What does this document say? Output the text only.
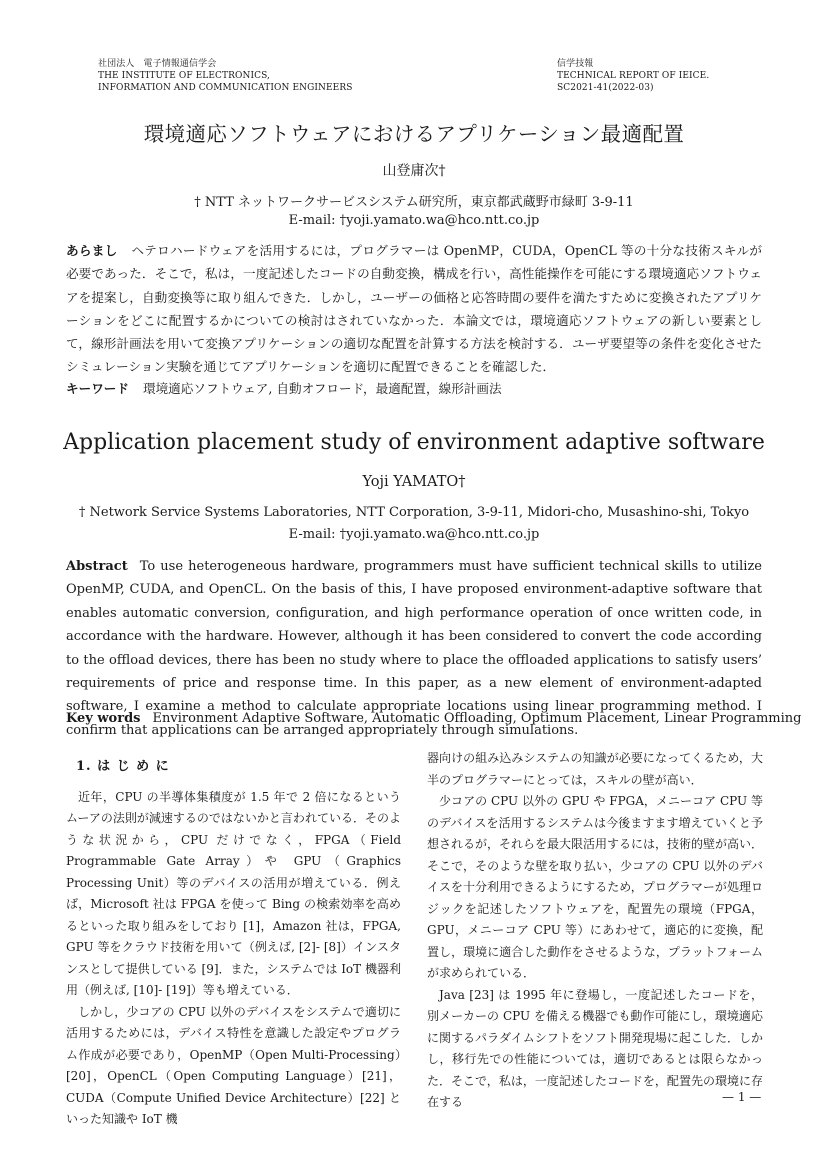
社団法人　電子情報通信学会
THE INSTITUTE OF ELECTRONICS,
INFORMATION AND COMMUNICATION ENGINEERS
信学技報
TECHNICAL REPORT OF IEICE.
SC2021-41(2022-03)
環境適応ソフトウェアにおけるアプリケーション最適配置
山登庸次†
† NTT ネットワークサービスシステム研究所，東京都武蔵野市緑町 3-9-11
E-mail: †yoji.yamato.wa@hco.ntt.co.jp
あらまし ヘテロハードウェアを活用するには，プログラマーは OpenMP，CUDA，OpenCL 等の十分な技術スキルが必要であった．そこで，私は，一度記述したコードの自動変換，構成を行い，高性能操作を可能にする環境適応ソフトウェアを提案し，自動変換等に取り組んできた．しかし，ユーザーの価格と応答時間の要件を満たすために変換されたアプリケーションをどこに配置するかについての検討はされていなかった．本論文では，環境適応ソフトウェアの新しい要素として，線形計画法を用いて変換アプリケーションの適切な配置を計算する方法を検討する．ユーザ要望等の条件を変化させたシミュレーション実験を通じてアプリケーションを適切に配置できることを確認した．
キーワード 環境適応ソフトウェア, 自動オフロード，最適配置，線形計画法
Application placement study of environment adaptive software
Yoji YAMATO†
† Network Service Systems Laboratories, NTT Corporation, 3-9-11, Midori-cho, Musashino-shi, Tokyo
E-mail: †yoji.yamato.wa@hco.ntt.co.jp
Abstract To use heterogeneous hardware, programmers must have sufficient technical skills to utilize OpenMP, CUDA, and OpenCL. On the basis of this, I have proposed environment-adaptive software that enables automatic conversion, configuration, and high performance operation of once written code, in accordance with the hardware. However, although it has been considered to convert the code according to the offload devices, there has been no study where to place the offloaded applications to satisfy users’ requirements of price and response time. In this paper, as a new element of environment-adapted software, I examine a method to calculate appropriate locations using linear programming method. I confirm that applications can be arranged appropriately through simulations.
Key words Environment Adaptive Software, Automatic Offloading, Optimum Placement, Linear Programming
1. は じ め に

近年，CPU の半導体集積度が 1.5 年で 2 倍になるというムーアの法則が減速するのではないかと言われている．そのような状況から，CPU だけでなく，FPGA（Field Programmable Gate Array）や GPU（Graphics Processing Unit）等のデバイスの活用が増えている．例えば，Microsoft 社は FPGA を使って Bing の検索効率を高めるといった取り組みをしており [1]，Amazon 社は，FPGA, GPU 等をクラウド技術を用いて（例えば, [2]- [8]）インスタンスとして提供している [9]．また，システムでは IoT 機器利用（例えば, [10]- [19]）等も増えている．

しかし，少コアの CPU 以外のデバイスをシステムで適切に活用するためには，デバイス特性を意識した設定やプログラム作成が必要であり，OpenMP（Open Multi-Processing）[20]，OpenCL（Open Computing Language）[21]，CUDA（Compute Unified Device Architecture）[22] といった知識や IoT 機

器向けの組み込みシステムの知識が必要になってくるため，大半のプログラマーにとっては，スキルの壁が高い．

少コアの CPU 以外の GPU や FPGA，メニーコア CPU 等のデバイスを活用するシステムは今後ますます増えていくと予想されるが，それらを最大限活用するには，技術的壁が高い．そこで，そのような壁を取り払い，少コアの CPU 以外のデバイスを十分利用できるようにするため，プログラマーが処理ロジックを記述したソフトウェアを，配置先の環境（FPGA，GPU，メニーコア CPU 等）にあわせて，適応的に変換，配置し，環境に適合した動作をさせるような，プラットフォームが求められている．

Java [23] は 1995 年に登場し，一度記述したコードを，別メーカーの CPU を備える機器でも動作可能にし，環境適応に関するパラダイムシフトをソフト開発現場に起こした．しかし，移行先での性能については，適切であるとは限らなかった．そこで，私は，一度記述したコードを，配置先の環境に存在する	— 1 —
